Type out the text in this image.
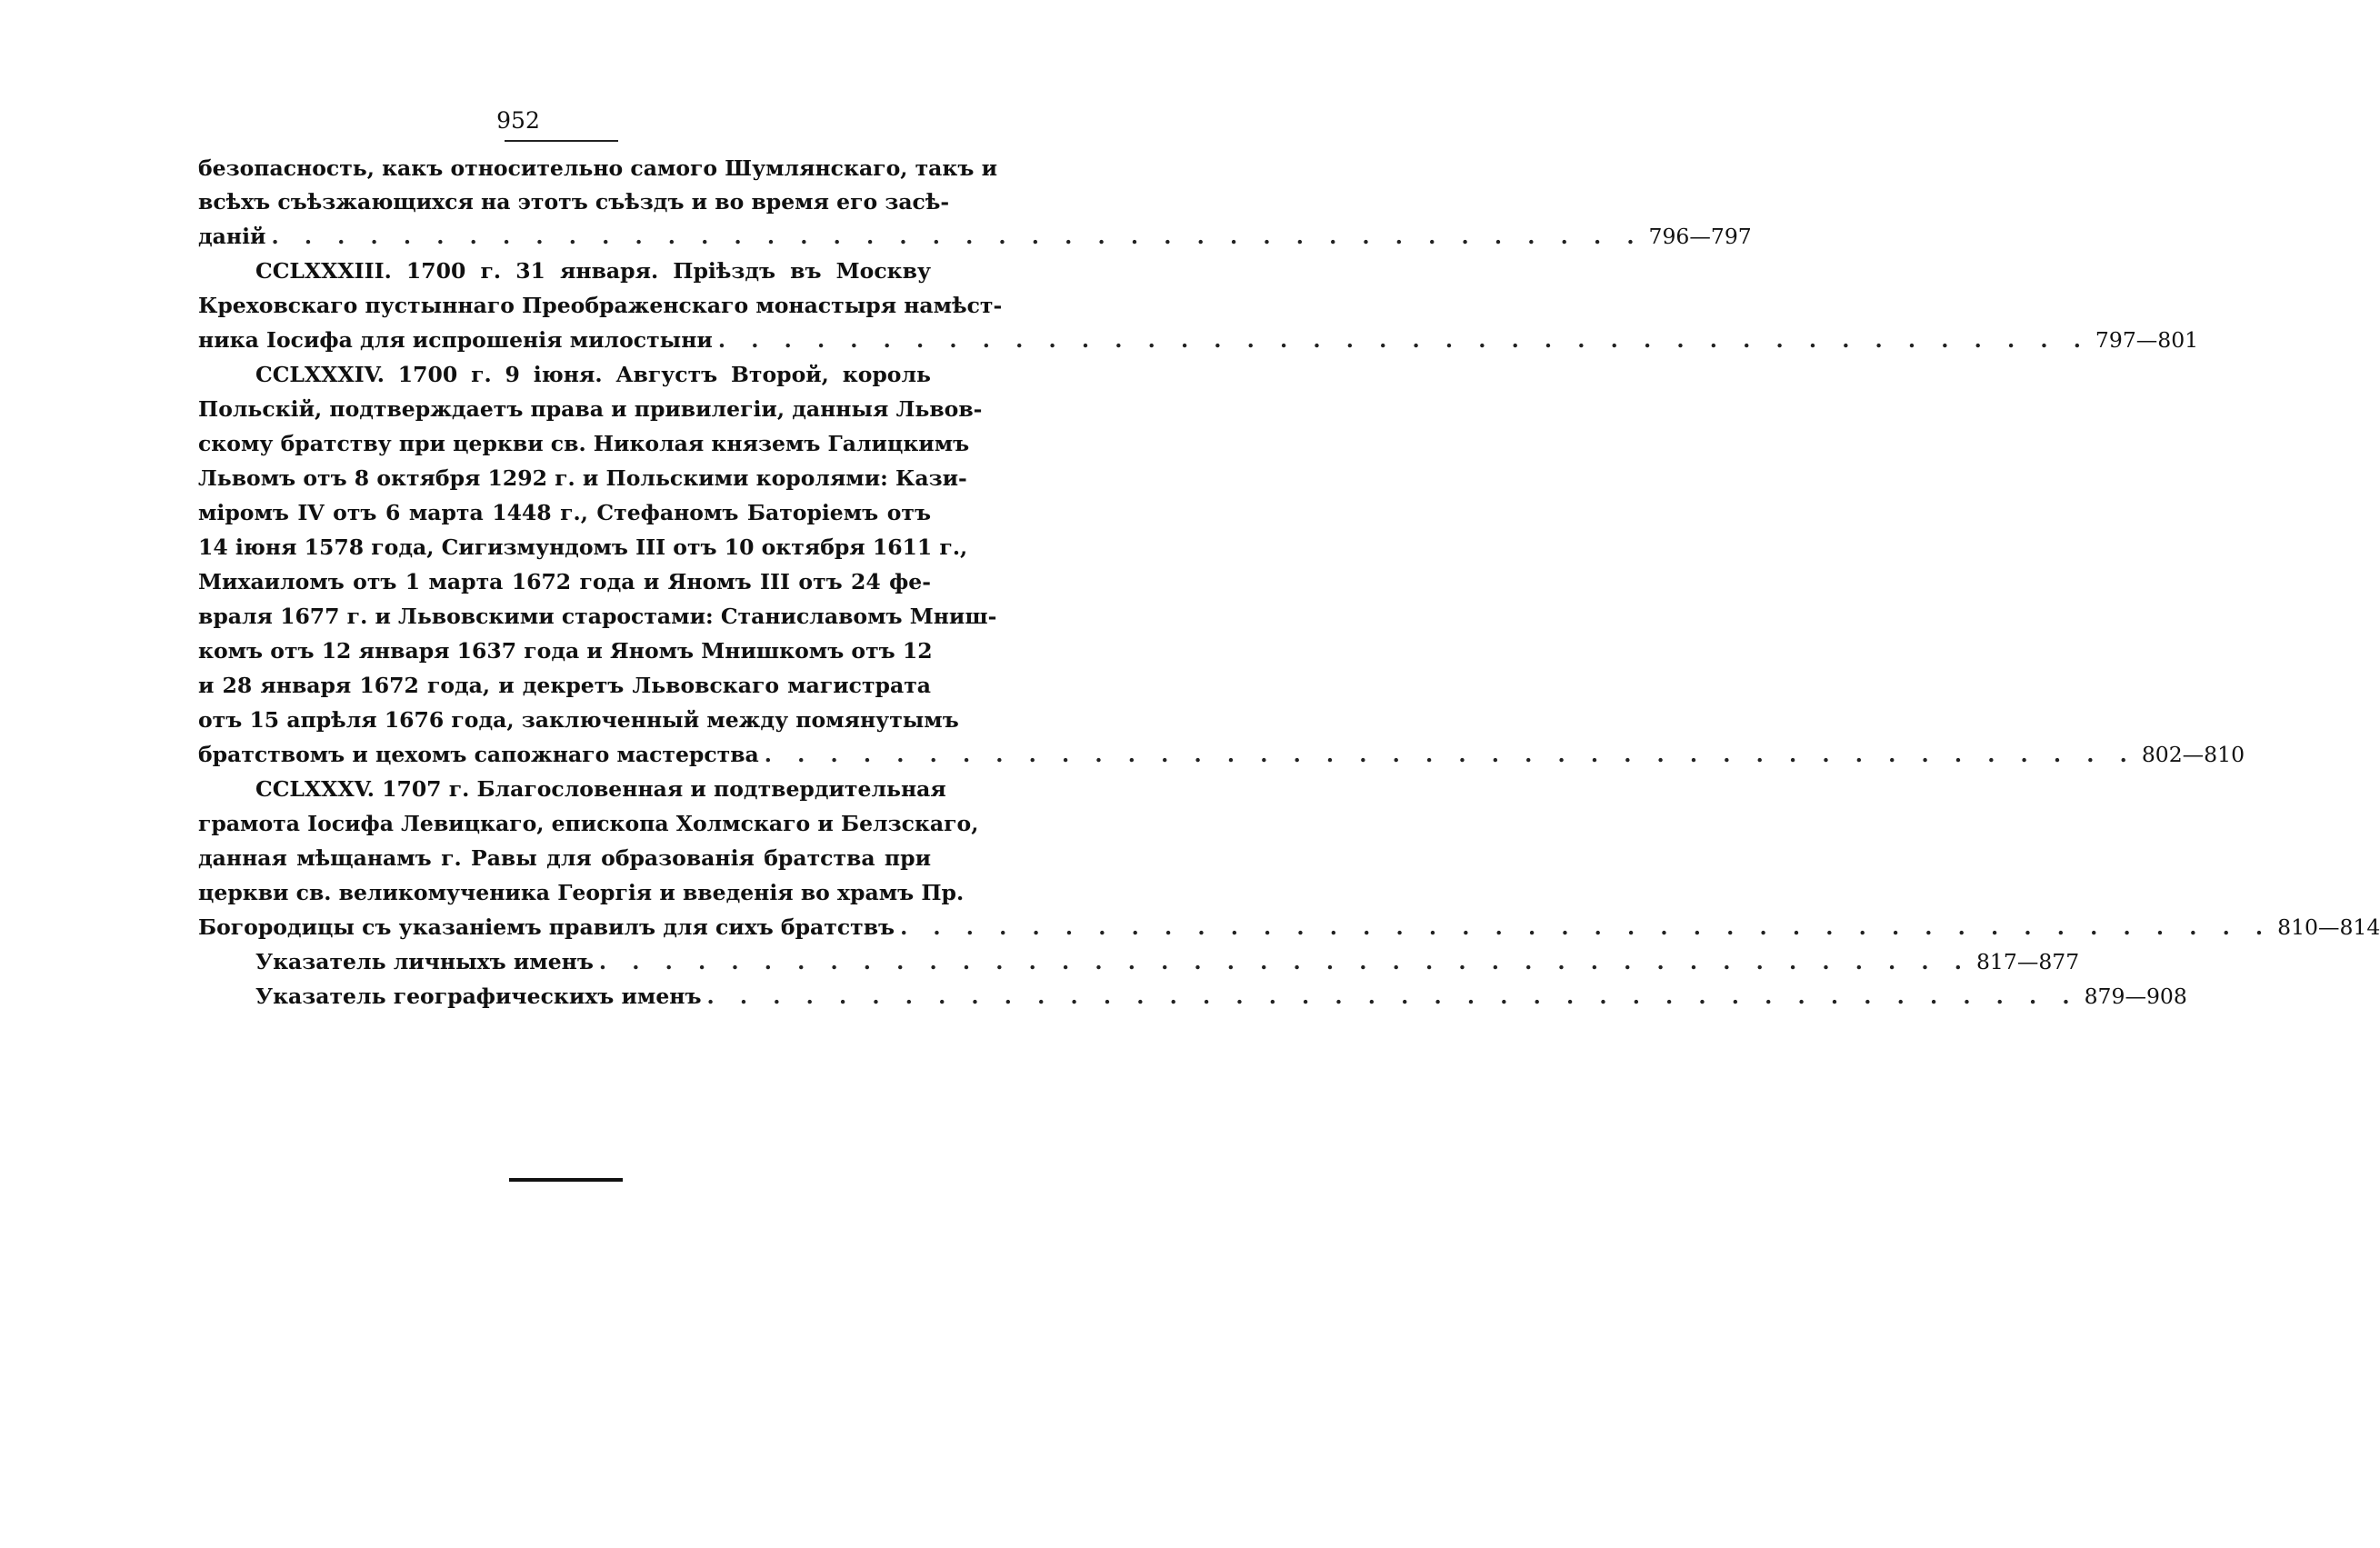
952
безопасность, какъ относительно самого Шумлянскаго, такъ и
всѣхъ съѣзжающихся на этотъ съѣздъ и во время его засѣ-
даній . . . . . . . . . . . . . . . . . . . . . . . . . . . . . . . . . . . . . . . . . . 796—797
CCLXXXIII. 1700 г. 31 января. Пріѣздъ въ Москву
Креховскаго пустыннаго Преображенскаго монастыря намѣст-
ника Іосифа для испрошенія милостыни . . . . . . . . . . . . . . . . . . . . . . . . . . . . . . . . . . . . . . . . . . 797—801
CCLXXXIV. 1700 г. 9 іюня. Августъ Второй, король
Польскій, подтверждаетъ права и привилегіи, данныя Львов-
скому братству при церкви св. Николая княземъ Галицкимъ
Львомъ отъ 8 октября 1292 г. и Польскими королями: Кази-
міромъ IV отъ 6 марта 1448 г., Стефаномъ Баторіемъ отъ
14 іюня 1578 года, Сигизмундомъ III отъ 10 октября 1611 г.,
Михаиломъ отъ 1 марта 1672 года и Яномъ III отъ 24 фе-
враля 1677 г. и Львовскими старостами: Станиславомъ Мниш-
комъ отъ 12 января 1637 года и Яномъ Мнишкомъ отъ 12
и 28 января 1672 года, и декретъ Львовскаго магистрата
отъ 15 апрѣля 1676 года, заключенный между помянутымъ
братствомъ и цехомъ сапожнаго мастерства . . . . . . . . . . . . . . . . . . . . . . . . . . . . . . . . . . . . . . . . . . 802—810
CCLXXXV. 1707 г. Благословенная и подтвердительная
грамота Іосифа Левицкаго, епископа Холмскаго и Белзскаго,
данная мѣщанамъ г. Равы для образованія братства при
церкви св. великомученика Георгія и введенія во храмъ Пр.
Богородицы съ указаніемъ правилъ для сихъ братствъ . . . . . . . . . . . . . . . . . . . . . . . . . . . . . . . . . . . . . . . . . . 810—814
Указатель личныхъ именъ . . . . . . . . . . . . . . . . . . . . . . . . . . . . . . . . . . . . . . . . . . 817—877
Указатель географическихъ именъ . . . . . . . . . . . . . . . . . . . . . . . . . . . . . . . . . . . . . . . . . . 879—908
